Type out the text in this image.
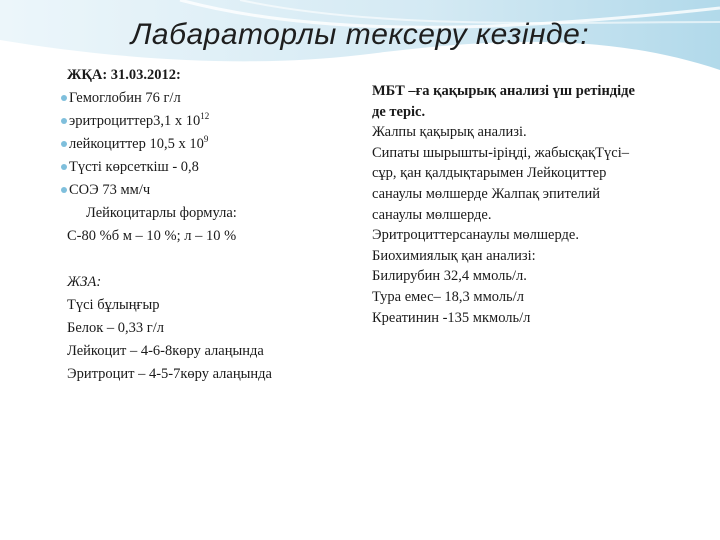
Лабараторлы тексеру кезінде:
ЖҚА: 31.03.2012:
Гемоглобин 76 г/л
эритроциттер3,1 х $10^{12}$
лейкоциттер 10,5 х $10^9$
Түсті көрсеткіш - 0,8
СОЭ 73 мм/ч
Лейкоцитарлы формула:
С-80 %б м – 10 %; л – 10 %
ЖЗА:
Түсі бұлыңғыр
Белок – 0,33 г/л
Лейкоцит – 4-6-8көру алаңында
Эритроцит – 4-5-7көру алаңында
МБТ –ға қақырық анализі үш ретіндіде
де теріс.
Жалпы қақырық анализі.
Сипаты шырышты-іріңді, жабысқақТүсі–
сұр, қан қалдықтарымен Лейкоциттер
санаулы мөлшерде Жалпақ эпителий
санаулы мөлшерде.
Эритроциттерсанаулы мөлшерде.
Биохимиялық қан анализі:
Билирубин 32,4 ммоль/л.
Тура емес– 18,3 ммоль/л
Креатинин -135 мкмоль/л
